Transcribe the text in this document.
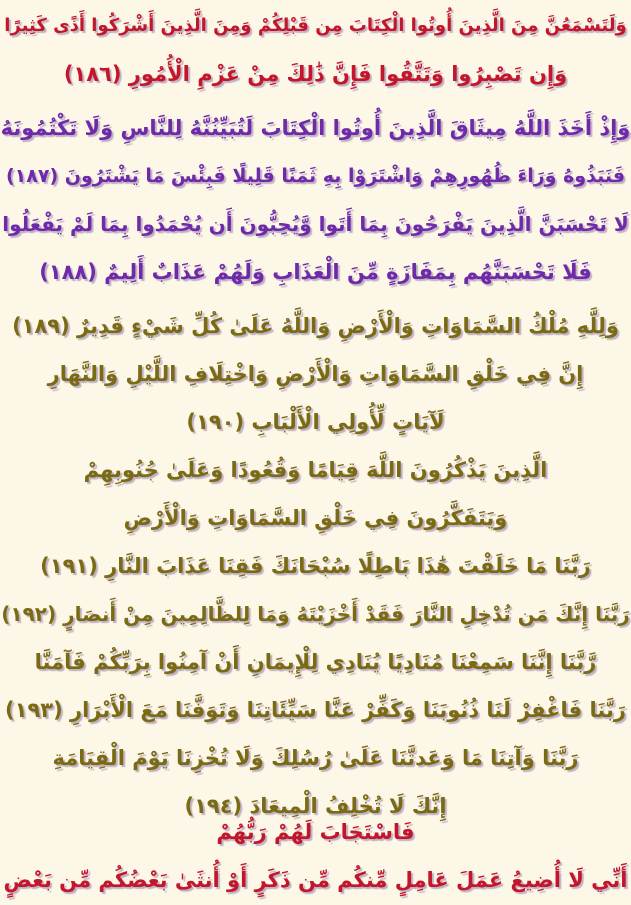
وَلَتَسْمَعُنَّ مِنَ الَّذِينَ أُوتُوا الْكِتَابَ مِن قَبْلِكُمْ وَمِنَ الَّذِينَ أَشْرَكُوا أَذًى كَثِيرًا
وَإِن تَصْبِرُوا وَتَتَّقُوا فَإِنَّ ذَٰلِكَ مِنْ عَزْمِ الْأُمُورِ (١٨٦)
وَإِذْ أَخَذَ اللَّهُ مِيثَاقَ الَّذِينَ أُوتُوا الْكِتَابَ لَتُبَيِّنُنَّهُ لِلنَّاسِ وَلَا تَكْتُمُونَهُ
فَنَبَذُوهُ وَرَاءَ ظُهُورِهِمْ وَاشْتَرَوْا بِهِ ثَمَنًا قَلِيلًا فَبِئْسَ مَا يَشْتَرُونَ (١٨٧)
لَا تَحْسَبَنَّ الَّذِينَ يَفْرَحُونَ بِمَا أَتَوا وَّيُحِبُّونَ أَن يُحْمَدُوا بِمَا لَمْ يَفْعَلُوا
فَلَا تَحْسَبَنَّهُم بِمَفَازَةٍ مِّنَ الْعَذَابِ وَلَهُمْ عَذَابٌ أَلِيمٌ (١٨٨)
وَلِلَّهِ مُلْكُ السَّمَاوَاتِ وَالْأَرْضِ وَاللَّهُ عَلَىٰ كُلِّ شَيْءٍ قَدِيرٌ (١٨٩)
إِنَّ فِي خَلْقِ السَّمَاوَاتِ وَالْأَرْضِ وَاخْتِلَافِ اللَّيْلِ وَالنَّهَارِ
لَآيَاتٍ لِّأُولِي الْأَلْبَابِ (١٩٠)
الَّذِينَ يَذْكُرُونَ اللَّهَ قِيَامًا وَقُعُودًا وَعَلَىٰ جُنُوبِهِمْ
وَيَتَفَكَّرُونَ فِي خَلْقِ السَّمَاوَاتِ وَالْأَرْضِ
رَبَّنَا مَا خَلَقْتَ هَٰذَا بَاطِلًا سُبْحَانَكَ فَقِنَا عَذَابَ النَّارِ (١٩١)
رَبَّنَا إِنَّكَ مَن تُدْخِلِ النَّارَ فَقَدْ أَخْزَيْتَهُ وَمَا لِلظَّالِمِينَ مِنْ أَنصَارٍ (١٩٢)
رَّبَّنَا إِنَّنَا سَمِعْنَا مُنَادِيًا يُنَادِي لِلْإِيمَانِ أَنْ آمِنُوا بِرَبِّكُمْ فَآمَنَّا
رَبَّنَا فَاغْفِرْ لَنَا ذُنُوبَنَا وَكَفِّرْ عَنَّا سَيِّئَاتِنَا وَتَوَفَّنَا مَعَ الْأَبْرَارِ (١٩٣)
رَبَّنَا وَآتِنَا مَا وَعَدتَّنَا عَلَىٰ رُسُلِكَ وَلَا تُخْزِنَا يَوْمَ الْقِيَامَةِ
إِنَّكَ لَا تُخْلِفُ الْمِيعَادَ (١٩٤)
فَاسْتَجَابَ لَهُمْ رَبُّهُمْ
أَنِّي لَا أُضِيعُ عَمَلَ عَامِلٍ مِّنكُم مِّن ذَكَرٍ أَوْ أُنثَىٰ بَعْضُكُم مِّن بَعْضٍ
